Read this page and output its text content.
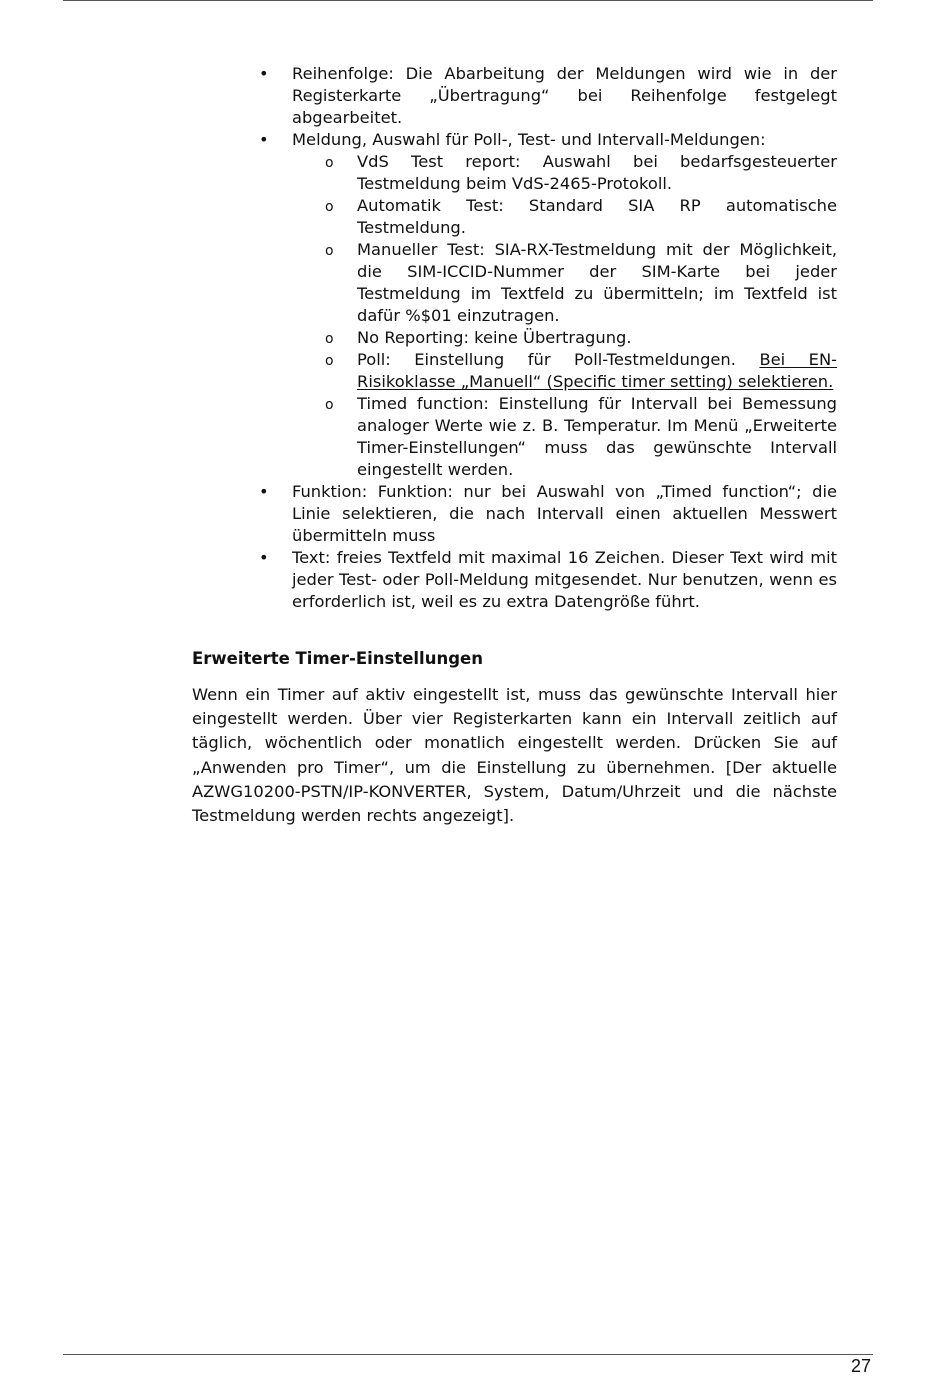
• Reihenfolge: Die Abarbeitung der Meldungen wird wie in der Registerkarte „Übertragung“ bei Reihenfolge festgelegt abgearbeitet.
• Meldung, Auswahl für Poll-, Test- und Intervall-Meldungen:
o VdS Test report: Auswahl bei bedarfsgesteuerter Testmeldung beim VdS-2465-Protokoll.
o Automatik Test: Standard SIA RP automatische Testmeldung.
o Manueller Test: SIA-RX-Testmeldung mit der Möglichkeit, die SIM-ICCID-Nummer der SIM-Karte bei jeder Testmeldung im Textfeld zu übermitteln; im Textfeld ist dafür %$01 einzutragen.
o No Reporting: keine Übertragung.
o Poll: Einstellung für Poll-Testmeldungen. Bei EN-Risikoklasse „Manuell“ (Specific timer setting) selektieren.
o Timed function: Einstellung für Intervall bei Bemessung analoger Werte wie z. B. Temperatur. Im Menü „Erweiterte Timer-Einstellungen“ muss das gewünschte Intervall eingestellt werden.
• Funktion: Funktion: nur bei Auswahl von „Timed function“; die Linie selektieren, die nach Intervall einen aktuellen Messwert übermitteln muss
• Text: freies Textfeld mit maximal 16 Zeichen. Dieser Text wird mit jeder Test- oder Poll-Meldung mitgesendet. Nur benutzen, wenn es erforderlich ist, weil es zu extra Datengröße führt.
Erweiterte Timer-Einstellungen

Wenn ein Timer auf aktiv eingestellt ist, muss das gewünschte Intervall hier eingestellt werden. Über vier Registerkarten kann ein Intervall zeitlich auf täglich, wöchentlich oder monatlich eingestellt werden. Drücken Sie auf „Anwenden pro Timer“, um die Einstellung zu übernehmen. [Der aktuelle AZWG10200-PSTN/IP-KONVERTER, System, Datum/Uhrzeit und die nächste Testmeldung werden rechts angezeigt].

27
